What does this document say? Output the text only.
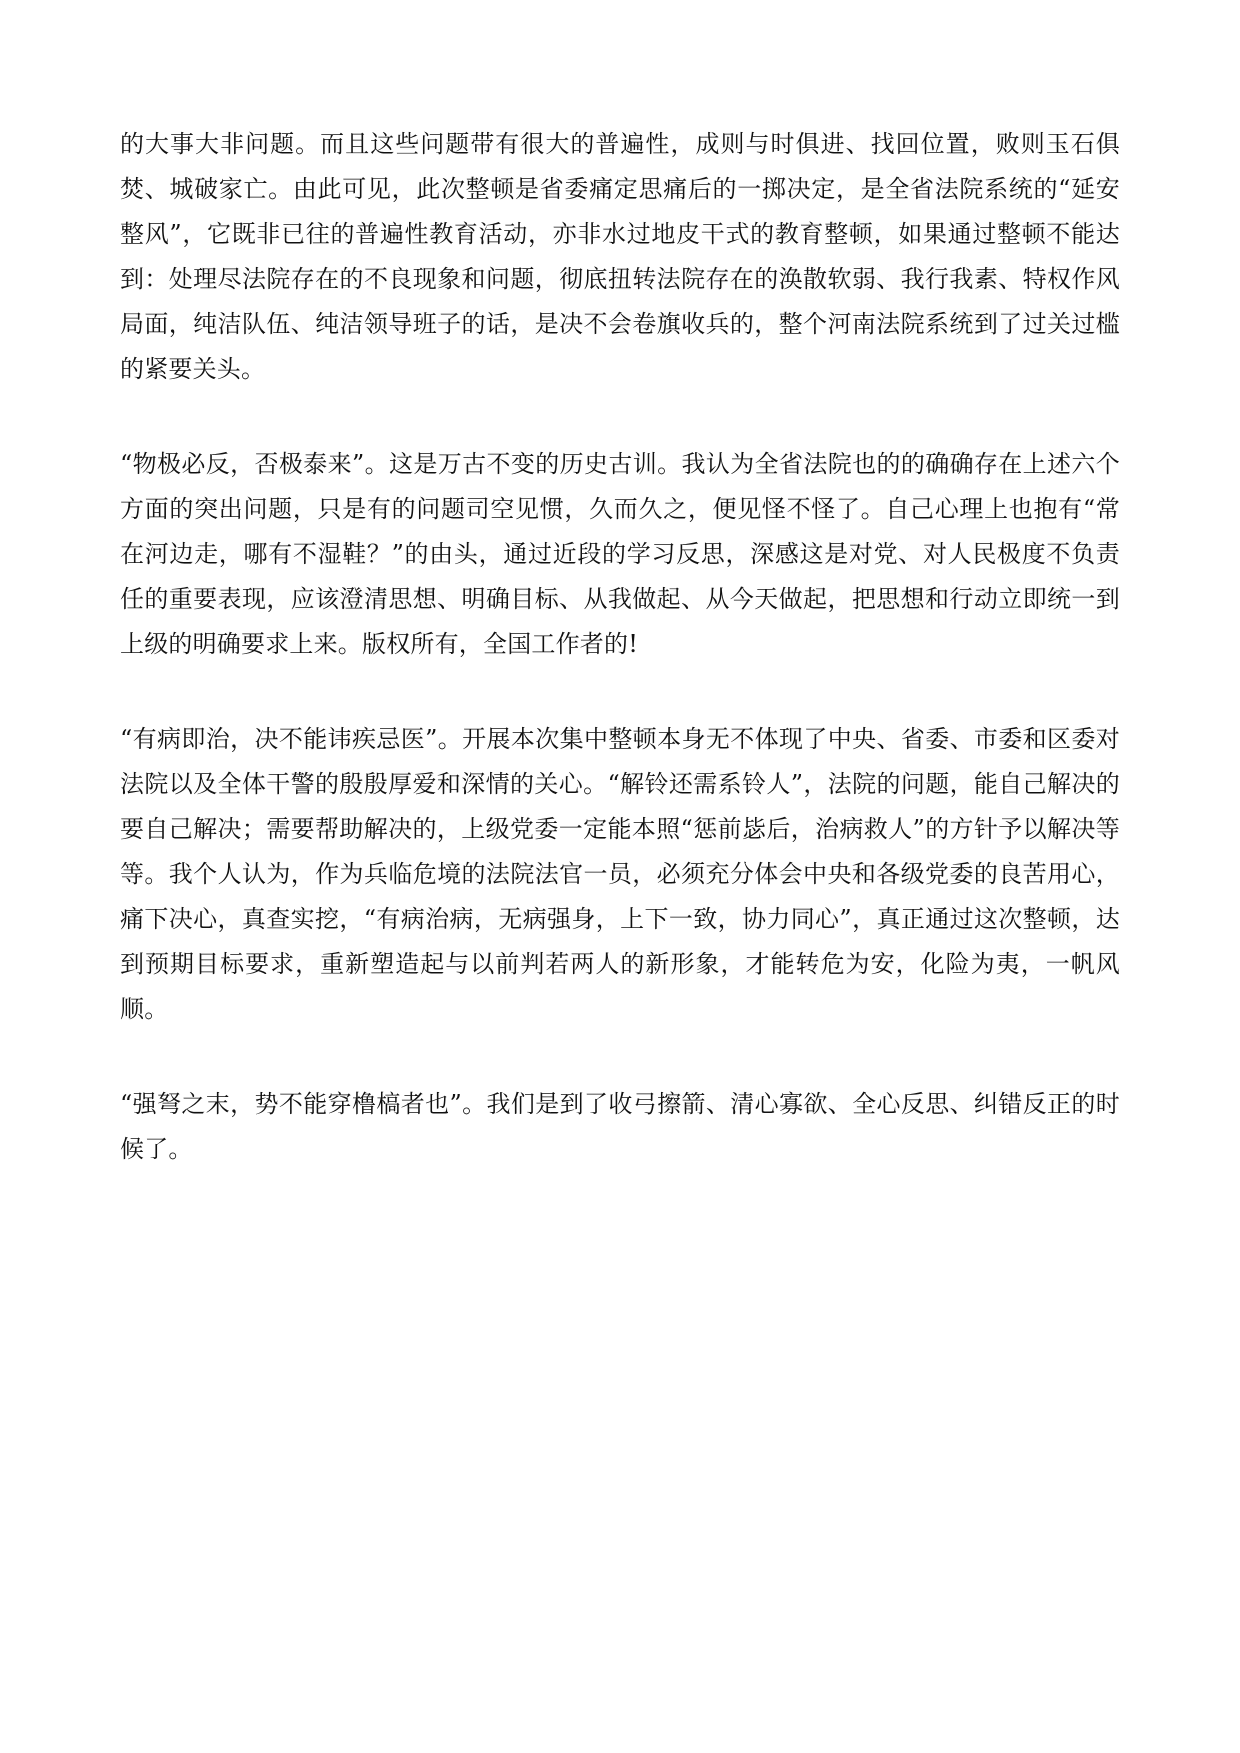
的大事大非问题。而且这些问题带有很大的普遍性，成则与时俱进、找回位置，败则玉石俱焚、城破家亡。由此可见，此次整顿是省委痛定思痛后的一掷决定，是全省法院系统的“延安整风”，它既非已往的普遍性教育活动，亦非水过地皮干式的教育整顿，如果通过整顿不能达到：处理尽法院存在的不良现象和问题，彻底扭转法院存在的涣散软弱、我行我素、特权作风局面，纯洁队伍、纯洁领导班子的话，是决不会卷旗收兵的，整个河南法院系统到了过关过槛的紧要关头。

“物极必反，否极泰来”。这是万古不变的历史古训。我认为全省法院也的的确确存在上述六个方面的突出问题，只是有的问题司空见惯，久而久之，便见怪不怪了。自己心理上也抱有“常在河边走，哪有不湿鞋？”的由头，通过近段的学习反思，深感这是对党、对人民极度不负责任的重要表现，应该澄清思想、明确目标、从我做起、从今天做起，把思想和行动立即统一到上级的明确要求上来。版权所有，全国工作者的!

“有病即治，决不能讳疾忌医”。开展本次集中整顿本身无不体现了中央、省委、市委和区委对法院以及全体干警的殷殷厚爱和深情的关心。“解铃还需系铃人”，法院的问题，能自己解决的要自己解决；需要帮助解决的，上级党委一定能本照“惩前毖后，治病救人”的方针予以解决等等。我个人认为，作为兵临危境的法院法官一员，必须充分体会中央和各级党委的良苦用心，痛下决心，真查实挖，“有病治病，无病强身，上下一致，协力同心”，真正通过这次整顿，达到预期目标要求，重新塑造起与以前判若两人的新形象，才能转危为安，化险为夷，一帆风顺。

“强弩之末，势不能穿橹槁者也”。我们是到了收弓擦箭、清心寡欲、全心反思、纠错反正的时候了。
